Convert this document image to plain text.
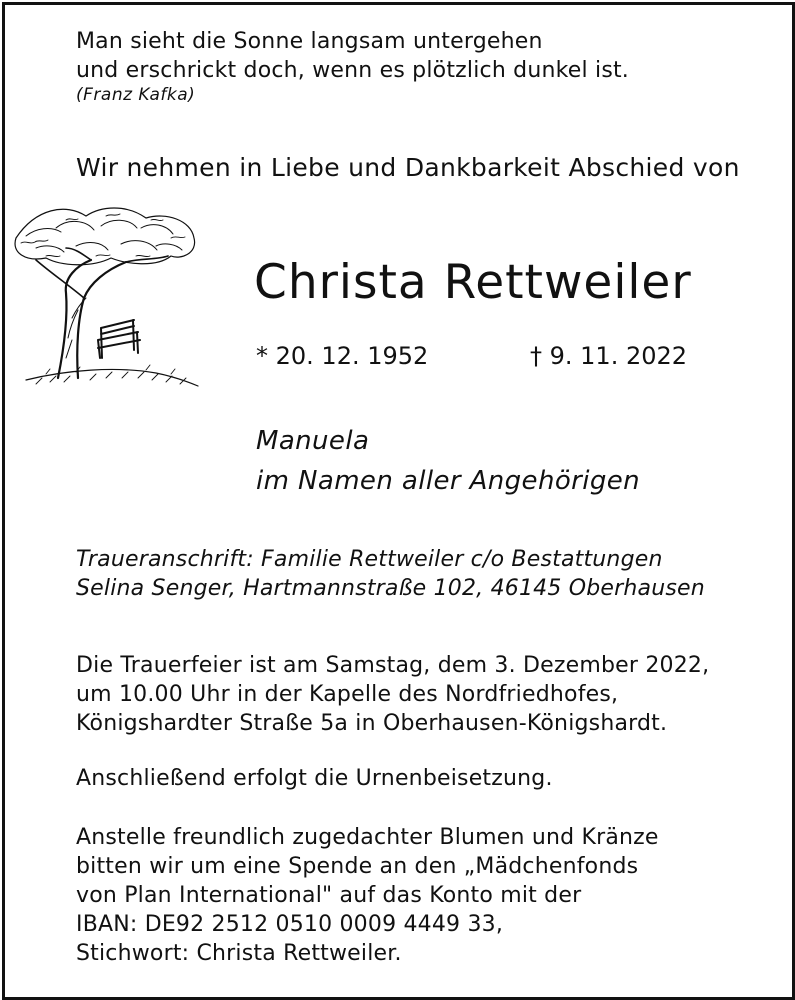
Man sieht die Sonne langsam untergehen
und erschrickt doch, wenn es plötzlich dunkel ist.
(Franz Kafka)
Wir nehmen in Liebe und Dankbarkeit Abschied von
Christa Rettweiler
* 20. 12. 1952	† 9. 11. 2022
Manuela
im Namen aller Angehörigen
Traueranschrift: Familie Rettweiler c/o Bestattungen
Selina Senger, Hartmannstraße 102, 46145 Oberhausen
Die Trauerfeier ist am Samstag, dem 3. Dezember 2022,
um 10.00 Uhr in der Kapelle des Nordfriedhofes,
Königshardter Straße 5a in Oberhausen-Königshardt.
Anschließend erfolgt die Urnenbeisetzung.
Anstelle freundlich zugedachter Blumen und Kränze
bitten wir um eine Spende an den „Mädchenfonds
von Plan International" auf das Konto mit der
IBAN: DE92 2512 0510 0009 4449 33,
Stichwort: Christa Rettweiler.
